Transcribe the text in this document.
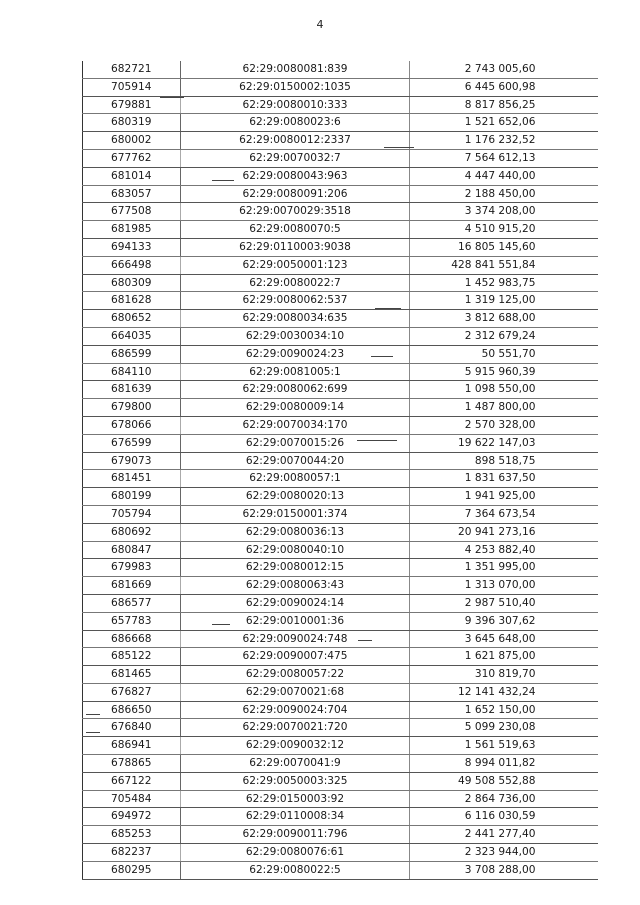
4
682721	62:29:0080081:839	2 743 005,60
705914	62:29:0150002:1035	6 445 600,98
679881	62:29:0080010:333	8 817 856,25
680319	62:29:0080023:6	1 521 652,06
680002	62:29:0080012:2337	1 176 232,52
677762	62:29:0070032:7	7 564 612,13
681014	62:29:0080043:963	4 447 440,00
683057	62:29:0080091:206	2 188 450,00
677508	62:29:0070029:3518	3 374 208,00
681985	62:29:0080070:5	4 510 915,20
694133	62:29:0110003:9038	16 805 145,60
666498	62:29:0050001:123	428 841 551,84
680309	62:29:0080022:7	1 452 983,75
681628	62:29:0080062:537	1 319 125,00
680652	62:29:0080034:635	3 812 688,00
664035	62:29:0030034:10	2 312 679,24
686599	62:29:0090024:23	50 551,70
684110	62:29:0081005:1	5 915 960,39
681639	62:29:0080062:699	1 098 550,00
679800	62:29:0080009:14	1 487 800,00
678066	62:29:0070034:170	2 570 328,00
676599	62:29:0070015:26	19 622 147,03
679073	62:29:0070044:20	898 518,75
681451	62:29:0080057:1	1 831 637,50
680199	62:29:0080020:13	1 941 925,00
705794	62:29:0150001:374	7 364 673,54
680692	62:29:0080036:13	20 941 273,16
680847	62:29:0080040:10	4 253 882,40
679983	62:29:0080012:15	1 351 995,00
681669	62:29:0080063:43	1 313 070,00
686577	62:29:0090024:14	2 987 510,40
657783	62:29:0010001:36	9 396 307,62
686668	62:29:0090024:748	3 645 648,00
685122	62:29:0090007:475	1 621 875,00
681465	62:29:0080057:22	310 819,70
676827	62:29:0070021:68	12 141 432,24
686650	62:29:0090024:704	1 652 150,00
676840	62:29:0070021:720	5 099 230,08
686941	62:29:0090032:12	1 561 519,63
678865	62:29:0070041:9	8 994 011,82
667122	62:29:0050003:325	49 508 552,88
705484	62:29:0150003:92	2 864 736,00
694972	62:29:0110008:34	6 116 030,59
685253	62:29:0090011:796	2 441 277,40
682237	62:29:0080076:61	2 323 944,00
680295	62:29:0080022:5	3 708 288,00
